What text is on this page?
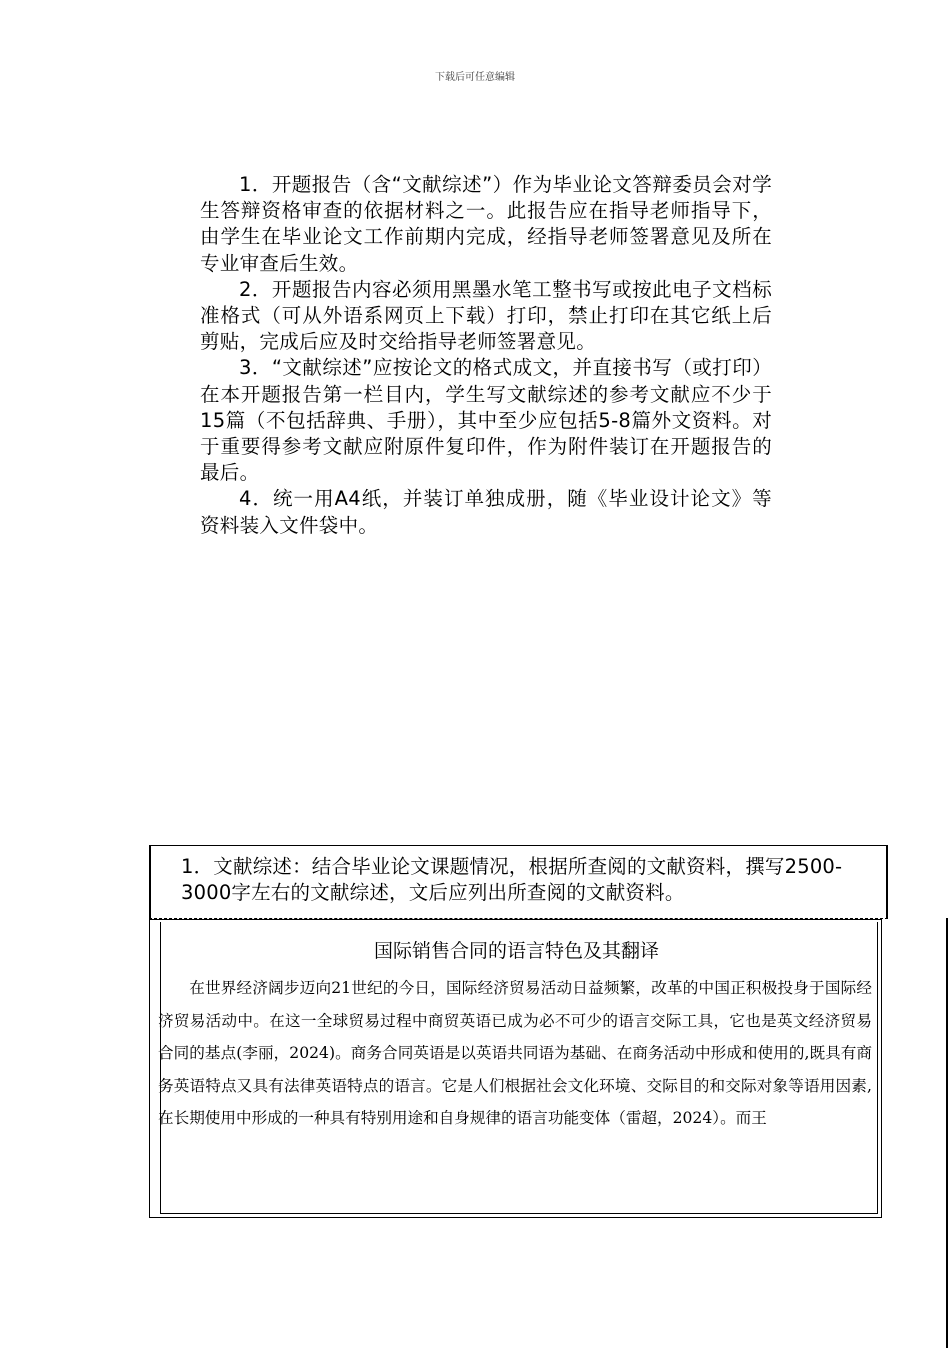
下载后可任意编辑

1．开题报告（含“文献综述”）作为毕业论文答辩委员会对学生答辩资格审查的依据材料之一。此报告应在指导老师指导下，由学生在毕业论文工作前期内完成，经指导老师签署意见及所在专业审查后生效。

2．开题报告内容必须用黑墨水笔工整书写或按此电子文档标准格式（可从外语系网页上下载）打印，禁止打印在其它纸上后剪贴，完成后应及时交给指导老师签署意见。

3．“文献综述”应按论文的格式成文，并直接书写（或打印）在本开题报告第一栏目内，学生写文献综述的参考文献应不少于15篇（不包括辞典、手册），其中至少应包括5-8篇外文资料。对于重要得参考文献应附原件复印件，作为附件装订在开题报告的最后。

4．统一用A4纸，并装订单独成册，随《毕业设计论文》等资料装入文件袋中。

1．文献综述：结合毕业论文课题情况，根据所查阅的文献资料，撰写2500-3000字左右的文献综述，文后应列出所查阅的文献资料。
国际销售合同的语言特色及其翻译

在世界经济阔步迈向21世纪的今日，国际经济贸易活动日益频繁，改革的中国正积极投身于国际经济贸易活动中。在这一全球贸易过程中商贸英语已成为必不可少的语言交际工具，它也是英文经济贸易合同的基点(李丽，2024)。商务合同英语是以英语共同语为基础、在商务活动中形成和使用的,既具有商务英语特点又具有法律英语特点的语言。它是人们根据社会文化环境、交际目的和交际对象等语用因素,在长期使用中形成的一种具有特别用途和自身规律的语言功能变体（雷超，2024）。而王
